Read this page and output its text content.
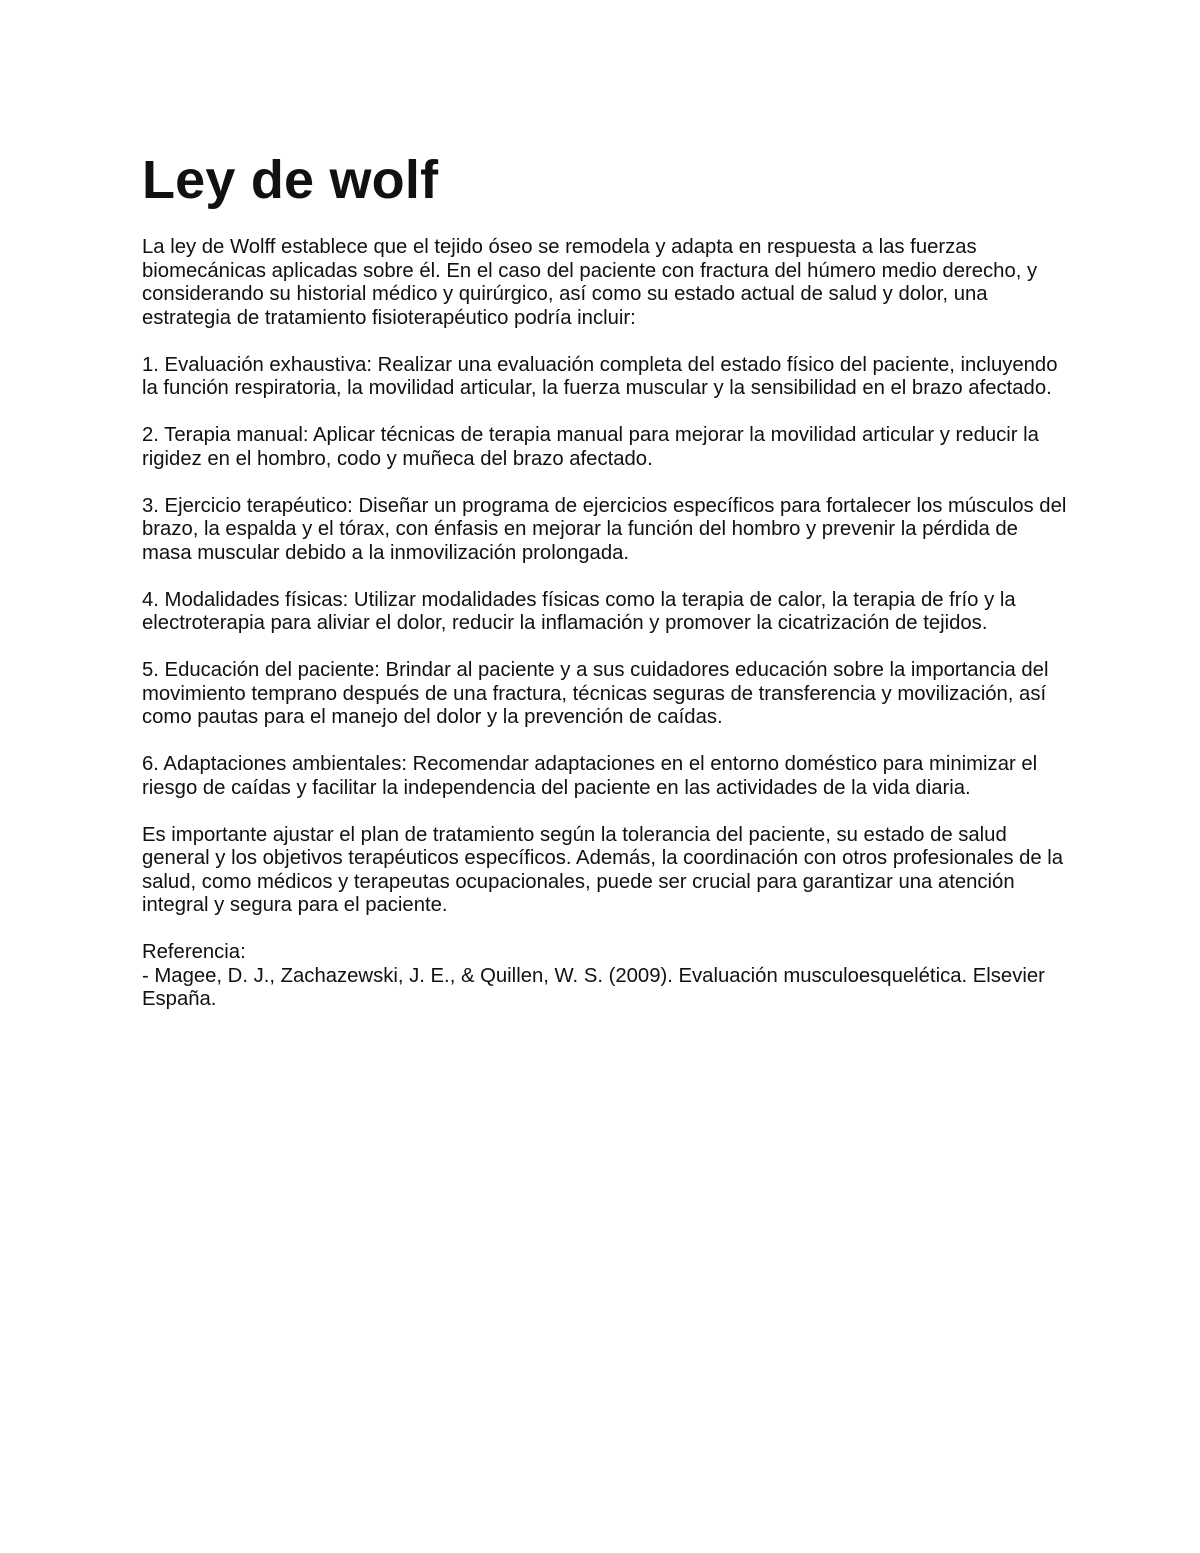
Ley de wolf

La ley de Wolff establece que el tejido óseo se remodela y adapta en respuesta a las fuerzas biomecánicas aplicadas sobre él. En el caso del paciente con fractura del húmero medio derecho, y considerando su historial médico y quirúrgico, así como su estado actual de salud y dolor, una estrategia de tratamiento fisioterapéutico podría incluir:

1. Evaluación exhaustiva: Realizar una evaluación completa del estado físico del paciente, incluyendo la función respiratoria, la movilidad articular, la fuerza muscular y la sensibilidad en el brazo afectado.

2. Terapia manual: Aplicar técnicas de terapia manual para mejorar la movilidad articular y reducir la rigidez en el hombro, codo y muñeca del brazo afectado.

3. Ejercicio terapéutico: Diseñar un programa de ejercicios específicos para fortalecer los músculos del brazo, la espalda y el tórax, con énfasis en mejorar la función del hombro y prevenir la pérdida de masa muscular debido a la inmovilización prolongada.

4. Modalidades físicas: Utilizar modalidades físicas como la terapia de calor, la terapia de frío y la electroterapia para aliviar el dolor, reducir la inflamación y promover la cicatrización de tejidos.

5. Educación del paciente: Brindar al paciente y a sus cuidadores educación sobre la importancia del movimiento temprano después de una fractura, técnicas seguras de transferencia y movilización, así como pautas para el manejo del dolor y la prevención de caídas.

6. Adaptaciones ambientales: Recomendar adaptaciones en el entorno doméstico para minimizar el riesgo de caídas y facilitar la independencia del paciente en las actividades de la vida diaria.

Es importante ajustar el plan de tratamiento según la tolerancia del paciente, su estado de salud general y los objetivos terapéuticos específicos. Además, la coordinación con otros profesionales de la salud, como médicos y terapeutas ocupacionales, puede ser crucial para garantizar una atención integral y segura para el paciente.

Referencia:

- Magee, D. J., Zachazewski, J. E., & Quillen, W. S. (2009). Evaluación musculoesquelética. Elsevier España.
